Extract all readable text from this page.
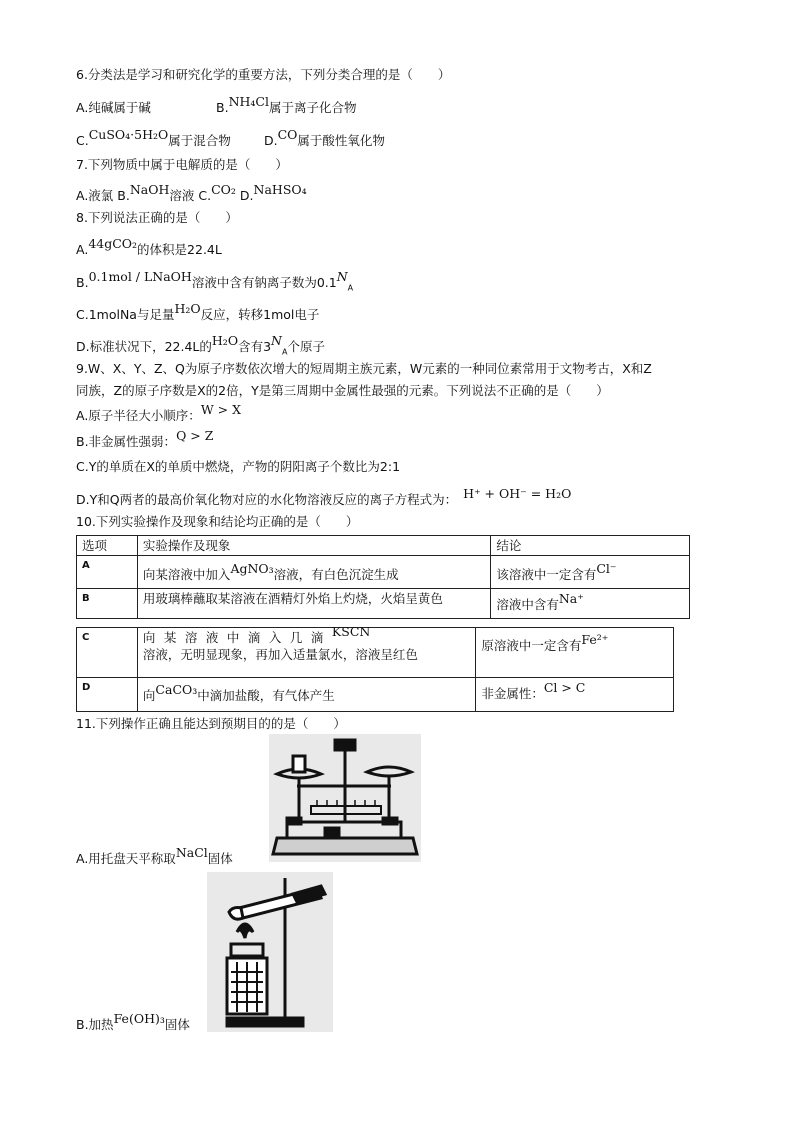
6.分类法是学习和研究化学的重要方法，下列分类合理的是（　　）
A.纯碱属于碱	B.NH₄Cl属于离子化合物
C.CuSO₄·5H₂O属于混合物	D.CO属于酸性氧化物
7.下列物质中属于电解质的是（　　）
A.液氯 B.NaOH溶液 C.CO₂ D.NaHSO₄
8.下列说法正确的是（　　）
A.44gCO₂的体积是22.4L
B.0.1mol / LNaOH溶液中含有钠离子数为$0.1N_A$
C.1molNa与足量H₂O反应，转移1mol电子
D.标准状况下，22.4L的H₂O含有$3N_A$个原子
9.W、X、Y、Z、Q为原子序数依次增大的短周期主族元素，W元素的一种同位素常用于文物考古，X和Z
同族，Z的原子序数是X的2倍，Y是第三周期中金属性最强的元素。下列说法不正确的是（　　）
A.原子半径大小顺序：W > X
B.非金属性强弱：Q > Z
C.Y的单质在X的单质中燃烧，产物的阴阳离子个数比为2:1
D.Y和Q两者的最高价氧化物对应的水化物溶液反应的离子方程式为： H⁺ + OH⁻ = H₂O
10.下列实验操作及现象和结论均正确的是（　　）
选项	实验操作及现象	结论
A	向某溶液中加入AgNO₃溶液，有白色沉淀生成	该溶液中一定含有Cl⁻

B	用玻璃棒蘸取某溶液在酒精灯外焰上灼烧，火焰呈黄色	溶液中含有Na⁺
C	向某溶液中滴入几滴KSCN
溶液，无明显现象，再加入适量氯水，溶液呈红色	原溶液中一定含有Fe²⁺

D	向CaCO₃中滴加盐酸，有气体产生	非金属性：Cl > C
11.下列操作正确且能达到预期目的的是（　　）
A.用托盘天平称取NaCl固体
B.加热Fe(OH)₃固体
